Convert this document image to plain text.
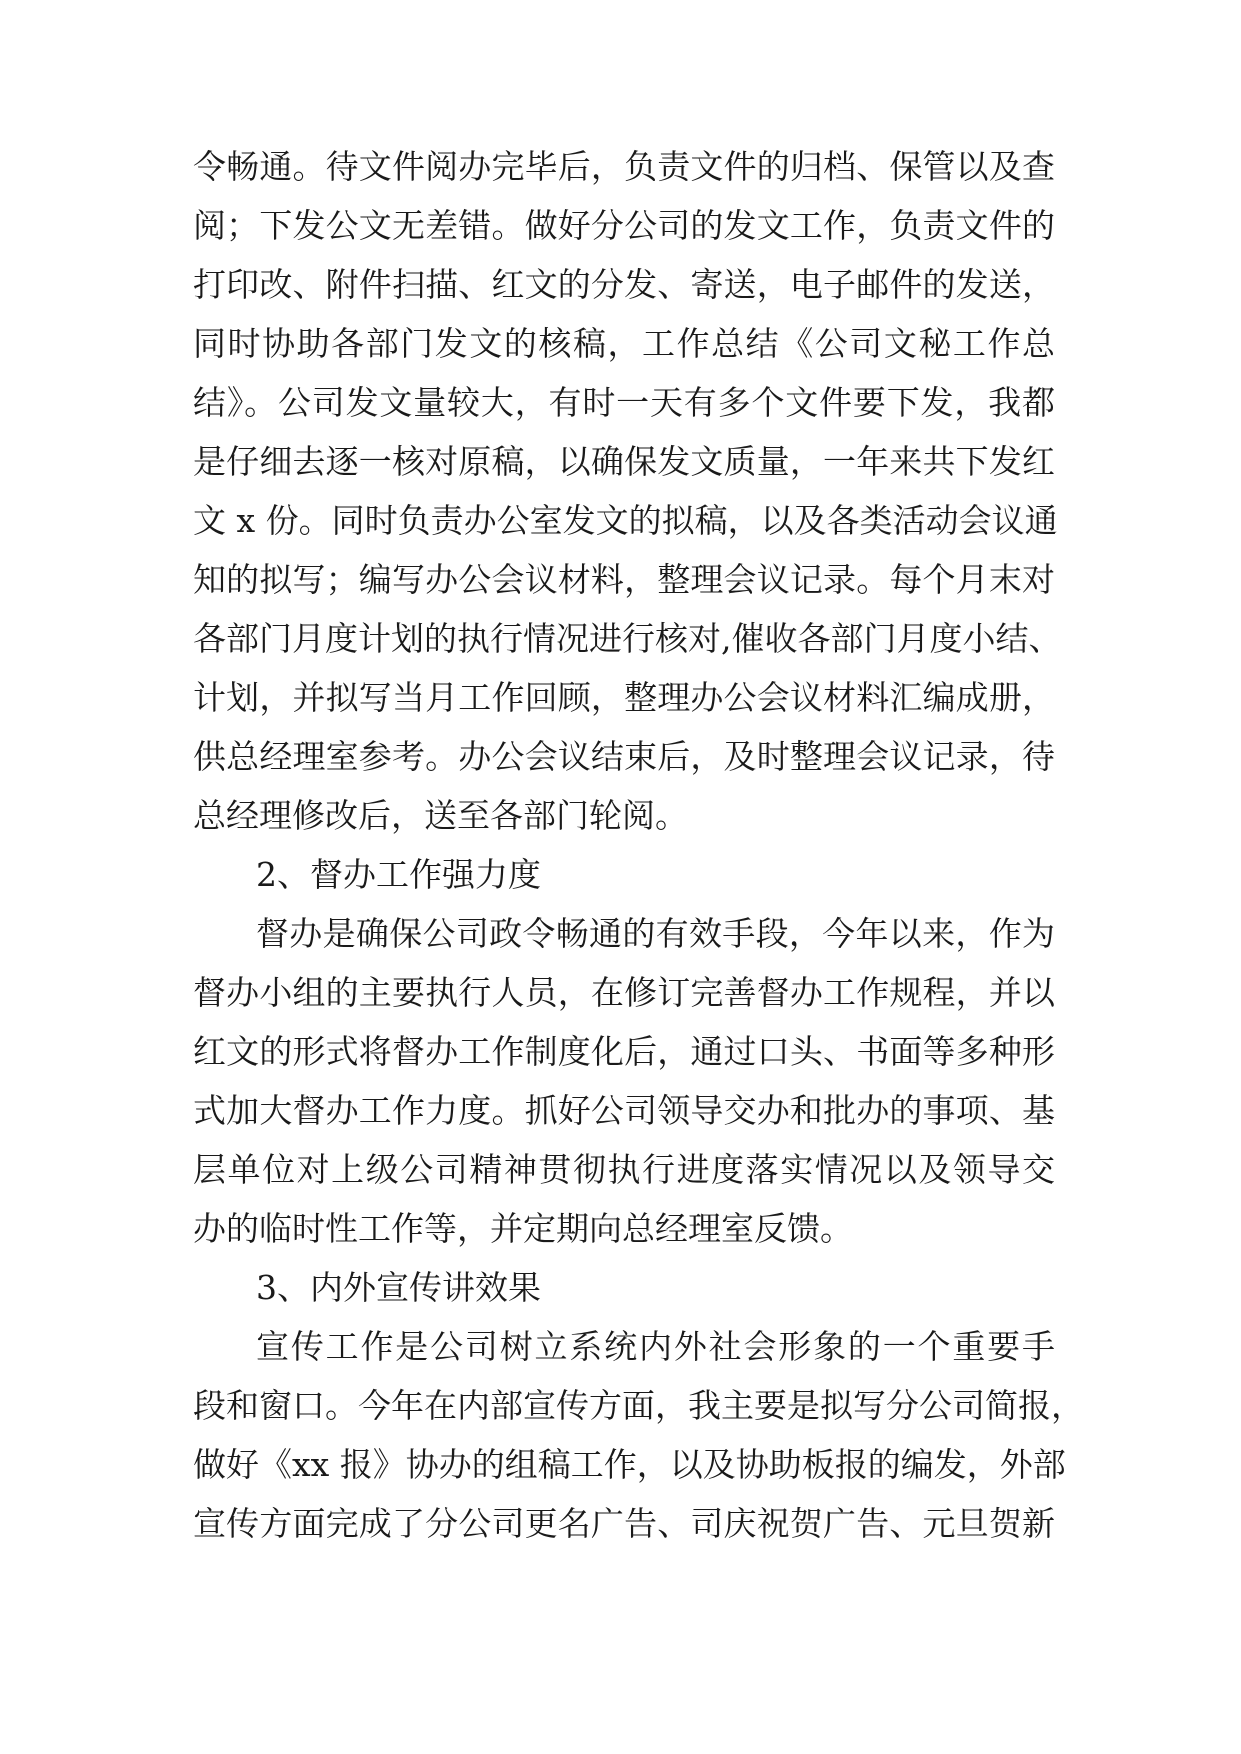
令畅通。待文件阅办完毕后，负责文件的归档、保管以及查
阅；下发公文无差错。做好分公司的发文工作，负责文件的
打印改、附件扫描、红文的分发、寄送，电子邮件的发送，
同时协助各部门发文的核稿，工作总结《公司文秘工作总
结》。公司发文量较大，有时一天有多个文件要下发，我都
是仔细去逐一核对原稿，以确保发文质量，一年来共下发红
文 x 份。同时负责办公室发文的拟稿，以及各类活动会议通
知的拟写；编写办公会议材料，整理会议记录。每个月末对
各部门月度计划的执行情况进行核对,催收各部门月度小结、
计划，并拟写当月工作回顾，整理办公会议材料汇编成册，
供总经理室参考。办公会议结束后，及时整理会议记录，待
总经理修改后，送至各部门轮阅。
2、督办工作强力度
督办是确保公司政令畅通的有效手段，今年以来，作为
督办小组的主要执行人员，在修订完善督办工作规程，并以
红文的形式将督办工作制度化后，通过口头、书面等多种形
式加大督办工作力度。抓好公司领导交办和批办的事项、基
层单位对上级公司精神贯彻执行进度落实情况以及领导交
办的临时性工作等，并定期向总经理室反馈。
3、内外宣传讲效果
宣传工作是公司树立系统内外社会形象的一个重要手
段和窗口。今年在内部宣传方面，我主要是拟写分公司简报，
做好《xx 报》协办的组稿工作，以及协助板报的编发，外部
宣传方面完成了分公司更名广告、司庆祝贺广告、元旦贺新
